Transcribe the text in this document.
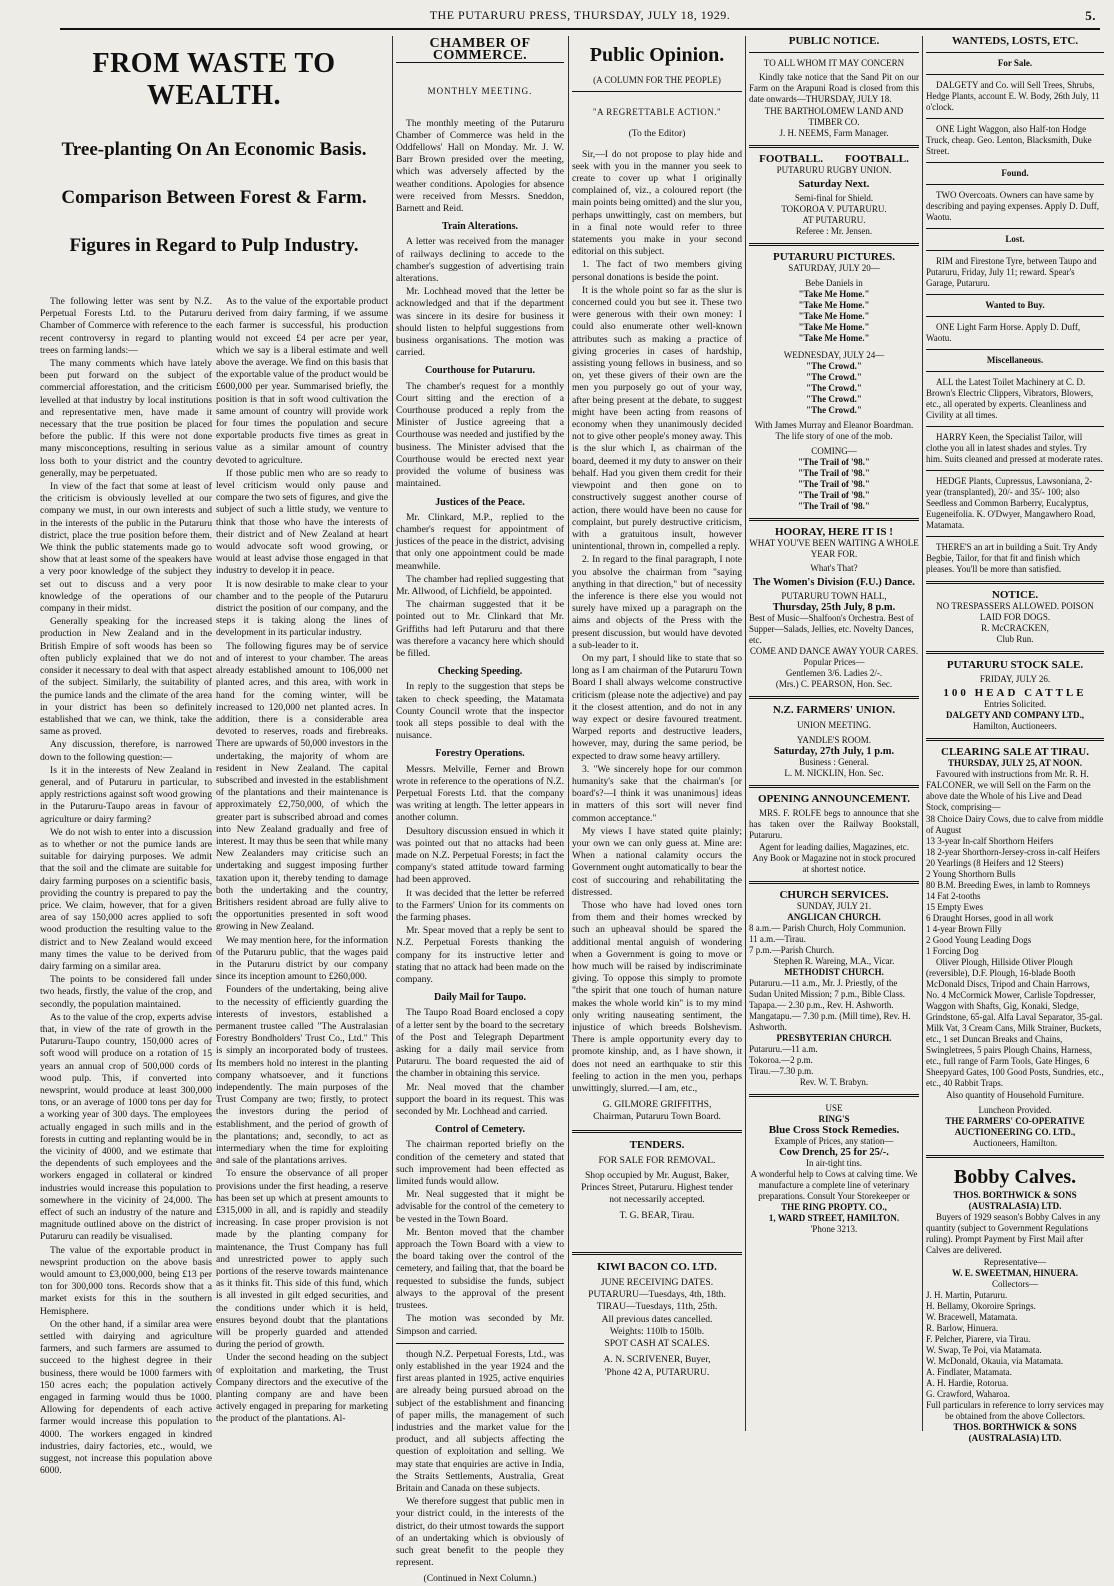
THE PUTARURU PRESS, THURSDAY, JULY 18, 1929.	5.
FROM WASTE TO WEALTH.
Tree-planting On An Economic Basis.
Comparison Between Forest & Farm.
Figures in Regard to Pulp Industry.

The following letter was sent by N.Z. Perpetual Forests Ltd. to the Putaruru Chamber of Commerce with reference to the recent controversy in regard to planting trees on farming lands:—

The many comments which have lately been put forward on the subject of commercial afforestation, and the criticism levelled at that industry by local institutions and representative men, have made it necessary that the true position be placed before the public. If this were not done many misconceptions, resulting in serious loss both to your district and the country generally, may be perpetuated.

In view of the fact that some at least of the criticism is obviously levelled at our company we must, in our own interests and in the interests of the public in the Putaruru district, place the true position before them. We think the public statements made go to show that at least some of the speakers have a very poor knowledge of the subject they set out to discuss and a very poor knowledge of the operations of our company in their midst.

Generally speaking for the increased production in New Zealand and in the British Empire of soft woods has been so often publicly explained that we do not consider it necessary to deal with that aspect of the subject. Similarly, the suitability of the pumice lands and the climate of the area in your district has been so definitely established that we can, we think, take the same as proved.

Any discussion, therefore, is narrowed down to the following question:—

Is it in the interests of New Zealand in general, and of Putaruru in particular, to apply restrictions against soft wood growing in the Putaruru-Taupo areas in favour of agriculture or dairy farming?

We do not wish to enter into a discussion as to whether or not the pumice lands are suitable for dairying purposes. We admit that the soil and the climate are suitable for dairy farming purposes on a scientific basis, providing the country is prepared to pay the price. We claim, however, that for a given area of say 150,000 acres applied to soft wood production the resulting value to the district and to New Zealand would exceed many times the value to be derived from dairy farming on a similar area.

The points to be considered fall under two heads, firstly, the value of the crop, and secondly, the population maintained.

As to the value of the crop, experts advise that, in view of the rate of growth in the Putaruru-Taupo country, 150,000 acres of soft wood will produce on a rotation of 15 years an annual crop of 500,000 cords of wood pulp. This, if converted into newsprint, would produce at least 300,000 tons, or an average of 1000 tons per day for a working year of 300 days. The employees actually engaged in such mills and in the forests in cutting and replanting would be in the vicinity of 4000, and we estimate that the dependents of such employees and the workers engaged in collateral or kindred industries would increase this population to somewhere in the vicinity of 24,000. The effect of such an industry of the nature and magnitude outlined above on the district of Putaruru can readily be visualised.

The value of the exportable product in newsprint production on the above basis would amount to £3,000,000, being £13 per ton for 300,000 tons. Records show that a market exists for this in the southern Hemisphere.

On the other hand, if a similar area were settled with dairying and agriculture farmers, and such farmers are assumed to succeed to the highest degree in their business, there would be 1000 farmers with 150 acres each; the population actively engaged in farming would thus be 1000. Allowing for dependents of each active farmer would increase this population to 4000. The workers engaged in kindred industries, dairy factories, etc., would, we suggest, not increase this population above 6000.

As to the value of the exportable product derived from dairy farming, if we assume each farmer is successful, his production would not exceed £4 per acre per year, which we say is a liberal estimate and well above the average. We find on this basis that the exportable value of the product would be £600,000 per year. Summarised briefly, the position is that in soft wood cultivation the same amount of country will provide work for four times the population and secure exportable products five times as great in value as a similar amount of country devoted to agriculture.

If those public men who are so ready to level criticism would only pause and compare the two sets of figures, and give the subject of such a little study, we venture to think that those who have the interests of their district and of New Zealand at heart would advocate soft wood growing, or would at least advise those engaged in that industry to develop it in peace.

It is now desirable to make clear to your chamber and to the people of the Putaruru district the position of our company, and the steps it is taking along the lines of development in its particular industry.

The following figures may be of service and of interest to your chamber. The areas already established amount to 106,000 net planted acres, and this area, with work in hand for the coming winter, will be increased to 120,000 net planted acres. In addition, there is a considerable area devoted to reserves, roads and firebreaks. There are upwards of 50,000 investors in the undertaking, the majority of whom are resident in New Zealand. The capital subscribed and invested in the establishment of the plantations and their maintenance is approximately £2,750,000, of which the greater part is subscribed abroad and comes into New Zealand gradually and free of interest. It may thus be seen that while many New Zealanders may criticise such an undertaking and suggest imposing further taxation upon it, thereby tending to damage both the undertaking and the country, Britishers resident abroad are fully alive to the opportunities presented in soft wood growing in New Zealand.

We may mention here, for the information of the Putaruru public, that the wages paid in the Putaruru district by our company since its inception amount to £260,000.

Founders of the undertaking, being alive to the necessity of efficiently guarding the interests of investors, established a permanent trustee called "The Australasian Forestry Bondholders' Trust Co., Ltd." This is simply an incorporated body of trustees. Its members hold no interest in the planting company whatsoever, and it functions independently. The main purposes of the Trust Company are two; firstly, to protect the investors during the period of establishment, and the period of growth of the plantations; and, secondly, to act as intermediary when the time for exploiting and sale of the plantations arrives.

To ensure the observance of all proper provisions under the first heading, a reserve has been set up which at present amounts to £315,000 in all, and is rapidly and steadily increasing. In case proper provision is not made by the planting company for maintenance, the Trust Company has full and unrestricted power to apply such portions of the reserve towards maintenance as it thinks fit. This side of this fund, which is all invested in gilt edged securities, and the conditions under which it is held, ensures beyond doubt that the plantations will be properly guarded and attended during the period of growth.

Under the second heading on the subject of exploitation and marketing, the Trust Company directors and the executive of the planting company are and have been actively engaged in preparing for marketing the product of the plantations. Al-

CHAMBER OF COMMERCE.
MONTHLY MEETING.

The monthly meeting of the Putaruru Chamber of Commerce was held in the Oddfellows' Hall on Monday. Mr. J. W. Barr Brown presided over the meeting, which was adversely affected by the weather conditions. Apologies for absence were received from Messrs. Sneddon, Barnett and Reid.

Train Alterations.

A letter was received from the manager of railways declining to accede to the chamber's suggestion of advertising train alterations.

Mr. Lochhead moved that the letter be acknowledged and that if the department was sincere in its desire for business it should listen to helpful suggestions from business organisations. The motion was carried.

Courthouse for Putaruru.

The chamber's request for a monthly Court sitting and the erection of a Courthouse produced a reply from the Minister of Justice agreeing that a Courthouse was needed and justified by the business. The Minister advised that the Courthouse would be erected next year provided the volume of business was maintained.

Justices of the Peace.

Mr. Clinkard, M.P., replied to the chamber's request for appointment of justices of the peace in the district, advising that only one appointment could be made meanwhile.

The chamber had replied suggesting that Mr. Allwood, of Lichfield, be appointed.

The chairman suggested that it be pointed out to Mr. Clinkard that Mr. Griffiths had left Putaruru and that there was therefore a vacancy here which should be filled.

Checking Speeding.

In reply to the suggestion that steps be taken to check speeding, the Matamata County Council wrote that the inspector took all steps possible to deal with the nuisance.

Forestry Operations.

Messrs. Melville, Ferner and Brown wrote in reference to the operations of N.Z. Perpetual Forests Ltd. that the company was writing at length. The letter appears in another column.

Desultory discussion ensued in which it was pointed out that no attacks had been made on N.Z. Perpetual Forests; in fact the company's stated attitude toward farming had been approved.

It was decided that the letter be referred to the Farmers' Union for its comments on the farming phases.

Mr. Spear moved that a reply be sent to N.Z. Perpetual Forests thanking the company for its instructive letter and stating that no attack had been made on the company.

Daily Mail for Taupo.

The Taupo Road Board enclosed a copy of a letter sent by the board to the secretary of the Post and Telegraph Department asking for a daily mail service from Putaruru. The board requested the aid of the chamber in obtaining this service.

Mr. Neal moved that the chamber support the board in its request. This was seconded by Mr. Lochhead and carried.

Control of Cemetery.

The chairman reported briefly on the condition of the cemetery and stated that such improvement had been effected as limited funds would allow.

Mr. Neal suggested that it might be advisable for the control of the cemetery to be vested in the Town Board.

Mr. Benton moved that the chamber approach the Town Board with a view to the board taking over the control of the cemetery, and failing that, that the board be requested to subsidise the funds, subject always to the approval of the present trustees.

The motion was seconded by Mr. Simpson and carried.

though N.Z. Perpetual Forests, Ltd., was only established in the year 1924 and the first areas planted in 1925, active enquiries are already being pursued abroad on the subject of the establishment and financing of paper mills, the management of such industries and the market value for the product, and all subjects affecting the question of exploitation and selling. We may state that enquiries are active in India, the Straits Settlements, Australia, Great Britain and Canada on these subjects.

We therefore suggest that public men in your district could, in the interests of the district, do their utmost towards the support of an undertaking which is obviously of such great benefit to the people they represent.

(Continued in Next Column.)
Public Opinion.
(A COLUMN FOR THE PEOPLE)
"A REGRETTABLE ACTION."
(To the Editor)

Sir,—I do not propose to play hide and seek with you in the manner you seek to create to cover up what I originally complained of, viz., a coloured report (the main points being omitted) and the slur you, perhaps unwittingly, cast on members, but in a final note would refer to three statements you make in your second editorial on this subject.

1. The fact of two members giving personal donations is beside the point.

It is the whole point so far as the slur is concerned could you but see it. These two were generous with their own money: I could also enumerate other well-known attributes such as making a practice of giving groceries in cases of hardship, assisting young fellows in business, and so on, yet these givers of their own are the men you purposely go out of your way, after being present at the debate, to suggest might have been acting from reasons of economy when they unanimously decided not to give other people's money away. This is the slur which I, as chairman of the board, deemed it my duty to answer on their behalf. Had you given them credit for their viewpoint and then gone on to constructively suggest another course of action, there would have been no cause for complaint, but purely destructive criticism, with a gratuitous insult, however unintentional, thrown in, compelled a reply.

2. In regard to the final paragraph, I note you absolve the chairman from "saying anything in that direction," but of necessity the inference is there else you would not surely have mixed up a paragraph on the aims and objects of the Press with the present discussion, but would have devoted a sub-leader to it.

On my part, I should like to state that so long as I am chairman of the Putaruru Town Board I shall always welcome constructive criticism (please note the adjective) and pay it the closest attention, and do not in any way expect or desire favoured treatment. Warped reports and destructive leaders, however, may, during the same period, be expected to draw some heavy artillery.

3. "We sincerely hope for our common humanity's sake that the chairman's [or board's?—I think it was unanimous] ideas in matters of this sort will never find common acceptance."

My views I have stated quite plainly; your own we can only guess at. Mine are: When a national calamity occurs the Government ought automatically to bear the cost of succouring and rehabilitating the distressed.

Those who have had loved ones torn from them and their homes wrecked by such an upheaval should be spared the additional mental anguish of wondering when a Government is going to move or how much will be raised by indiscriminate giving. To oppose this simply to promote "the spirit that one touch of human nature makes the whole world kin" is to my mind only writing nauseating sentiment, the injustice of which breeds Bolshevism. There is ample opportunity every day to promote kinship, and, as I have shown, it does not need an earthquake to stir this feeling to action in the men you, perhaps unwittingly, slurred.—I am, etc.,

G. GILMORE GRIFFITHS,
Chairman, Putaruru Town Board.
TENDERS.
FOR SALE FOR REMOVAL.
Shop occupied by Mr. August, Baker, Princes Street, Putaruru. Highest tender not necessarily accepted.
T. G. BEAR, Tirau.
KIWI BACON CO. LTD.
JUNE RECEIVING DATES.
PUTARURU—Tuesdays, 4th, 18th.
TIRAU—Tuesdays, 11th, 25th.
All previous dates cancelled.
Weights: 110lb to 150lb.
SPOT CASH AT SCALES.
A. N. SCRIVENER, Buyer,
'Phone 42 A, PUTARURU.
PUBLIC NOTICE.
TO ALL WHOM IT MAY CONCERN

Kindly take notice that the Sand Pit on our Farm on the Arapuni Road is closed from this date onwards—THURSDAY, JULY 18.

THE BARTHOLOMEW LAND AND TIMBER CO.
J. H. NEEMS, Farm Manager.
FOOTBALL.        FOOTBALL.
PUTARURU RUGBY UNION.
Saturday Next.
Semi-final for Shield.
TOKOROA V. PUTARURU.
AT PUTARURU.
Referee : Mr. Jensen.
PUTARURU PICTURES.
SATURDAY, JULY 20—
Bebe Daniels in
"Take Me Home."
"Take Me Home."
"Take Me Home."
"Take Me Home."
"Take Me Home."
WEDNESDAY, JULY 24—
"The Crowd."
"The Crowd."
"The Crowd."
"The Crowd."
"The Crowd."
With James Murray and Eleanor Boardman.
The life story of one of the mob.
COMING—
"The Trail of '98."
"The Trail of '98."
"The Trail of '98."
"The Trail of '98."
"The Trail of '98."
HOORAY, HERE IT IS !
WHAT YOU'VE BEEN WAITING A WHOLE YEAR FOR.
What's That?
The Women's Division (F.U.) Dance.
PUTARURU TOWN HALL,
Thursday, 25th July, 8 p.m.
Best of Music—Shalfoon's Orchestra. Best of Supper—Salads, Jellies, etc. Novelty Dances, etc.
COME AND DANCE AWAY YOUR CARES.
Popular Prices—
Gentlemen 3/6. Ladies 2/-.
(Mrs.) C. PEARSON, Hon. Sec.
N.Z. FARMERS' UNION.
UNION MEETING.
YANDLE'S ROOM.
Saturday, 27th July, 1 p.m.
Business : General.
L. M. NICKLIN, Hon. Sec.
OPENING ANNOUNCEMENT.

MRS. F. ROLFE begs to announce that she has taken over the Railway Bookstall, Putaruru.

Agent for leading dailies, Magazines, etc.
Any Book or Magazine not in stock procured at shortest notice.
CHURCH SERVICES.
SUNDAY, JULY 21.
ANGLICAN CHURCH.
8 a.m.— Parish Church, Holy Communion.
11 a.m.—Tirau.
7 p.m.—Parish Church.
Stephen R. Wareing, M.A., Vicar.
METHODIST CHURCH.
Putaruru.—11 a.m., Mr. J. Priestly, of the Sudan United Mission; 7 p.m., Bible Class.
Tapapa.— 2.30 p.m., Rev. H. Ashworth.
Mangatapu.— 7.30 p.m. (Mill time), Rev. H. Ashworth.
PRESBYTERIAN CHURCH.
Putaruru.—11 a.m.
Tokoroa.—2 p.m.
Tirau.—7.30 p.m.
Rev. W. T. Brabyn.
USE
RING'S
Blue Cross Stock Remedies.
Example of Prices, any station—
Cow Drench, 25 for 25/-.
In air-tight tins.
A wonderful help to Cows at calving time. We manufacture a complete line of veterinary preparations. Consult Your Storekeeper or
THE RING PROPTY. CO.,
1, WARD STREET, HAMILTON.
'Phone 3213.
WANTEDS, LOSTS, ETC.
For Sale.

DALGETY and Co. will Sell Trees, Shrubs, Hedge Plants, account E. W. Body, 26th July, 11 o'clock.

ONE Light Waggon, also Half-ton Hodge Truck, cheap. Geo. Lenton, Blacksmith, Duke Street.

Found.

TWO Overcoats. Owners can have same by describing and paying expenses. Apply D. Duff, Waotu.

Lost.

RIM and Firestone Tyre, between Taupo and Putaruru, Friday, July 11; reward. Spear's Garage, Putaruru.

Wanted to Buy.

ONE Light Farm Horse. Apply D. Duff, Waotu.

Miscellaneous.

ALL the Latest Toilet Machinery at C. D. Brown's Electric Clippers, Vibrators, Blowers, etc., all operated by experts. Cleanliness and Civility at all times.

HARRY Keen, the Specialist Tailor, will clothe you all in latest shades and styles. Try him. Suits cleaned and pressed at moderate rates.

HEDGE Plants, Cupressus, Lawsoniana, 2-year (transplanted), 20/- and 35/- 100; also Seedless and Common Barberry, Eucalyptus, Eugeneifolia. K. O'Dwyer, Mangawhero Road, Matamata.

THERE'S an art in building a Suit. Try Andy Begbie, Tailor, for that fit and finish which pleases. You'll be more than satisfied.

NOTICE.
NO TRESPASSERS ALLOWED. POISON LAID FOR DOGS.
R. McCRACKEN,
Club Run.
PUTARURU STOCK SALE.
FRIDAY, JULY 26.
100 HEAD CATTLE
Entries Solicited.
DALGETY AND COMPANY LTD.,
Hamilton, Auctioneers.
CLEARING SALE AT TIRAU.
THURSDAY, JULY 25, AT NOON.

Favoured with instructions from Mr. R. H. FALCONER, we will Sell on the Farm on the above date the Whole of his Live and Dead Stock, comprising—

38 Choice Dairy Cows, due to calve from middle of August
13 3-year In-calf Shorthorn Heifers
18 2-year Shorthorn-Jersey-cross in-calf Heifers
20 Yearlings (8 Heifers and 12 Steers)
2 Young Shorthorn Bulls
80 B.M. Breeding Ewes, in lamb to Romneys
14 Fat 2-tooths
15 Empty Ewes
6 Draught Horses, good in all work
1 4-year Brown Filly
2 Good Young Leading Dogs
1 Forcing Dog

Oliver Plough, Hillside Oliver Plough (reversible), D.F. Plough, 16-blade Booth McDonald Discs, Tripod and Chain Harrows, No. 4 McCormick Mower, Carlisle Topdresser, Waggon with Shafts, Gig, Konaki, Sledge, Grindstone, 65-gal. Alfa Laval Separator, 35-gal. Milk Vat, 3 Cream Cans, Milk Strainer, Buckets, etc., 1 set Duncan Breaks and Chains, Swingletrees, 5 pairs Plough Chains, Harness, etc., full range of Farm Tools, Gate Hinges, 6 Sheepyard Gates, 100 Good Posts, Sundries, etc., etc., 40 Rabbit Traps.

Also quantity of Household Furniture.
Luncheon Provided.
THE FARMERS' CO-OPERATIVE AUCTIONEERING CO. LTD.,
Auctioneers, Hamilton.
Bobby Calves.
THOS. BORTHWICK & SONS (AUSTRALASIA) LTD.

Buyers of 1929 season's Bobby Calves in any quantity (subject to Government Regulations ruling). Prompt Payment by First Mail after Calves are delivered.

Representative—
W. E. SWEETMAN, HINUERA.
Collectors—
J. H. Martin, Putaruru.
H. Bellamy, Okoroire Springs.
W. Bracewell, Matamata.
R. Barlow, Hinuera.
F. Pelcher, Piarere, via Tirau.
W. Swap, Te Poi, via Matamata.
W. McDonald, Okauia, via Matamata.
A. Findlater, Matamata.
A. H. Hardie, Rotorua.
G. Crawford, Waharoa.
Full particulars in reference to lorry services may be obtained from the above Collectors.
THOS. BORTHWICK & SONS (AUSTRALASIA) LTD.
